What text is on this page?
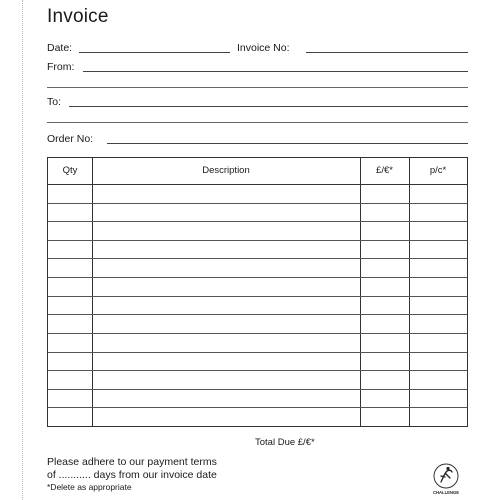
Invoice
Date:	Invoice No:
From:
To:
Order No:
Qty	Description	£/€*	p/c*
Total Due £/€*
Please adhere to our payment terms
of ........... days from our invoice date
*Delete as appropriate
CHALLENGE
